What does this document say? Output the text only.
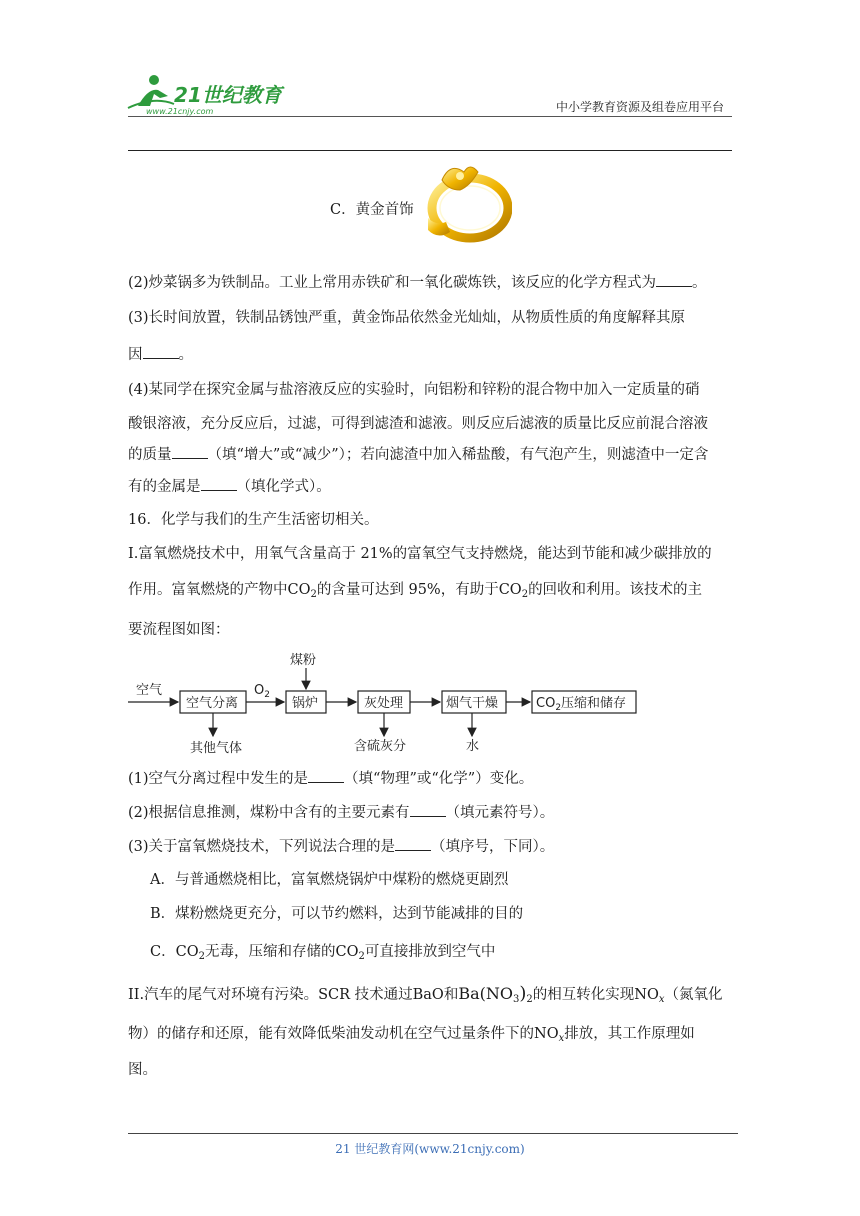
21世纪教育
www.21cnjy.com	中小学教育资源及组卷应用平台
C．黄金首饰
(2)炒菜锅多为铁制品。工业上常用赤铁矿和一氧化碳炼铁，该反应的化学方程式为 。
(3)长时间放置，铁制品锈蚀严重，黄金饰品依然金光灿灿，从物质性质的角度解释其原
因 。
(4)某同学在探究金属与盐溶液反应的实验时，向铝粉和锌粉的混合物中加入一定质量的硝
酸银溶液，充分反应后，过滤，可得到滤渣和滤液。则反应后滤液的质量比反应前混合溶液
的质量 （填“增大”或“减少”）；若向滤渣中加入稀盐酸，有气泡产生，则滤渣中一定含
有的金属是 （填化学式）。
16．化学与我们的生产生活密切相关。
I.富氧燃烧技术中，用氧气含量高于 21%的富氧空气支持燃烧，能达到节能和减少碳排放的
作用。富氧燃烧的产物中$CO_2$的含量可达到 95%，有助于$CO_2$的回收和利用。该技术的主
要流程图如图：
空气
空气分离
其他气体
$O_2$
煤粉
锅炉	灰处理
含硫灰分
烟气干燥
水
$CO_2$压缩和储存
(1)空气分离过程中发生的是 （填“物理”或“化学”）变化。
(2)根据信息推测，煤粉中含有的主要元素有 （填元素符号）。
(3)关于富氧燃烧技术，下列说法合理的是 （填序号，下同）。
A．与普通燃烧相比，富氧燃烧锅炉中煤粉的燃烧更剧烈
B．煤粉燃烧更充分，可以节约燃料，达到节能减排的目的
C．$CO_2$无毒，压缩和存储的$CO_2$可直接排放到空气中
II.汽车的尾气对环境有污染。SCR 技术通过BaO和$Ba(NO_3)_2$的相互转化实现$NO_x$（氮氧化
物）的储存和还原，能有效降低柴油发动机在空气过量条件下的$NO_x$排放，其工作原理如
图。
21 世纪教育网(www.21cnjy.com)
